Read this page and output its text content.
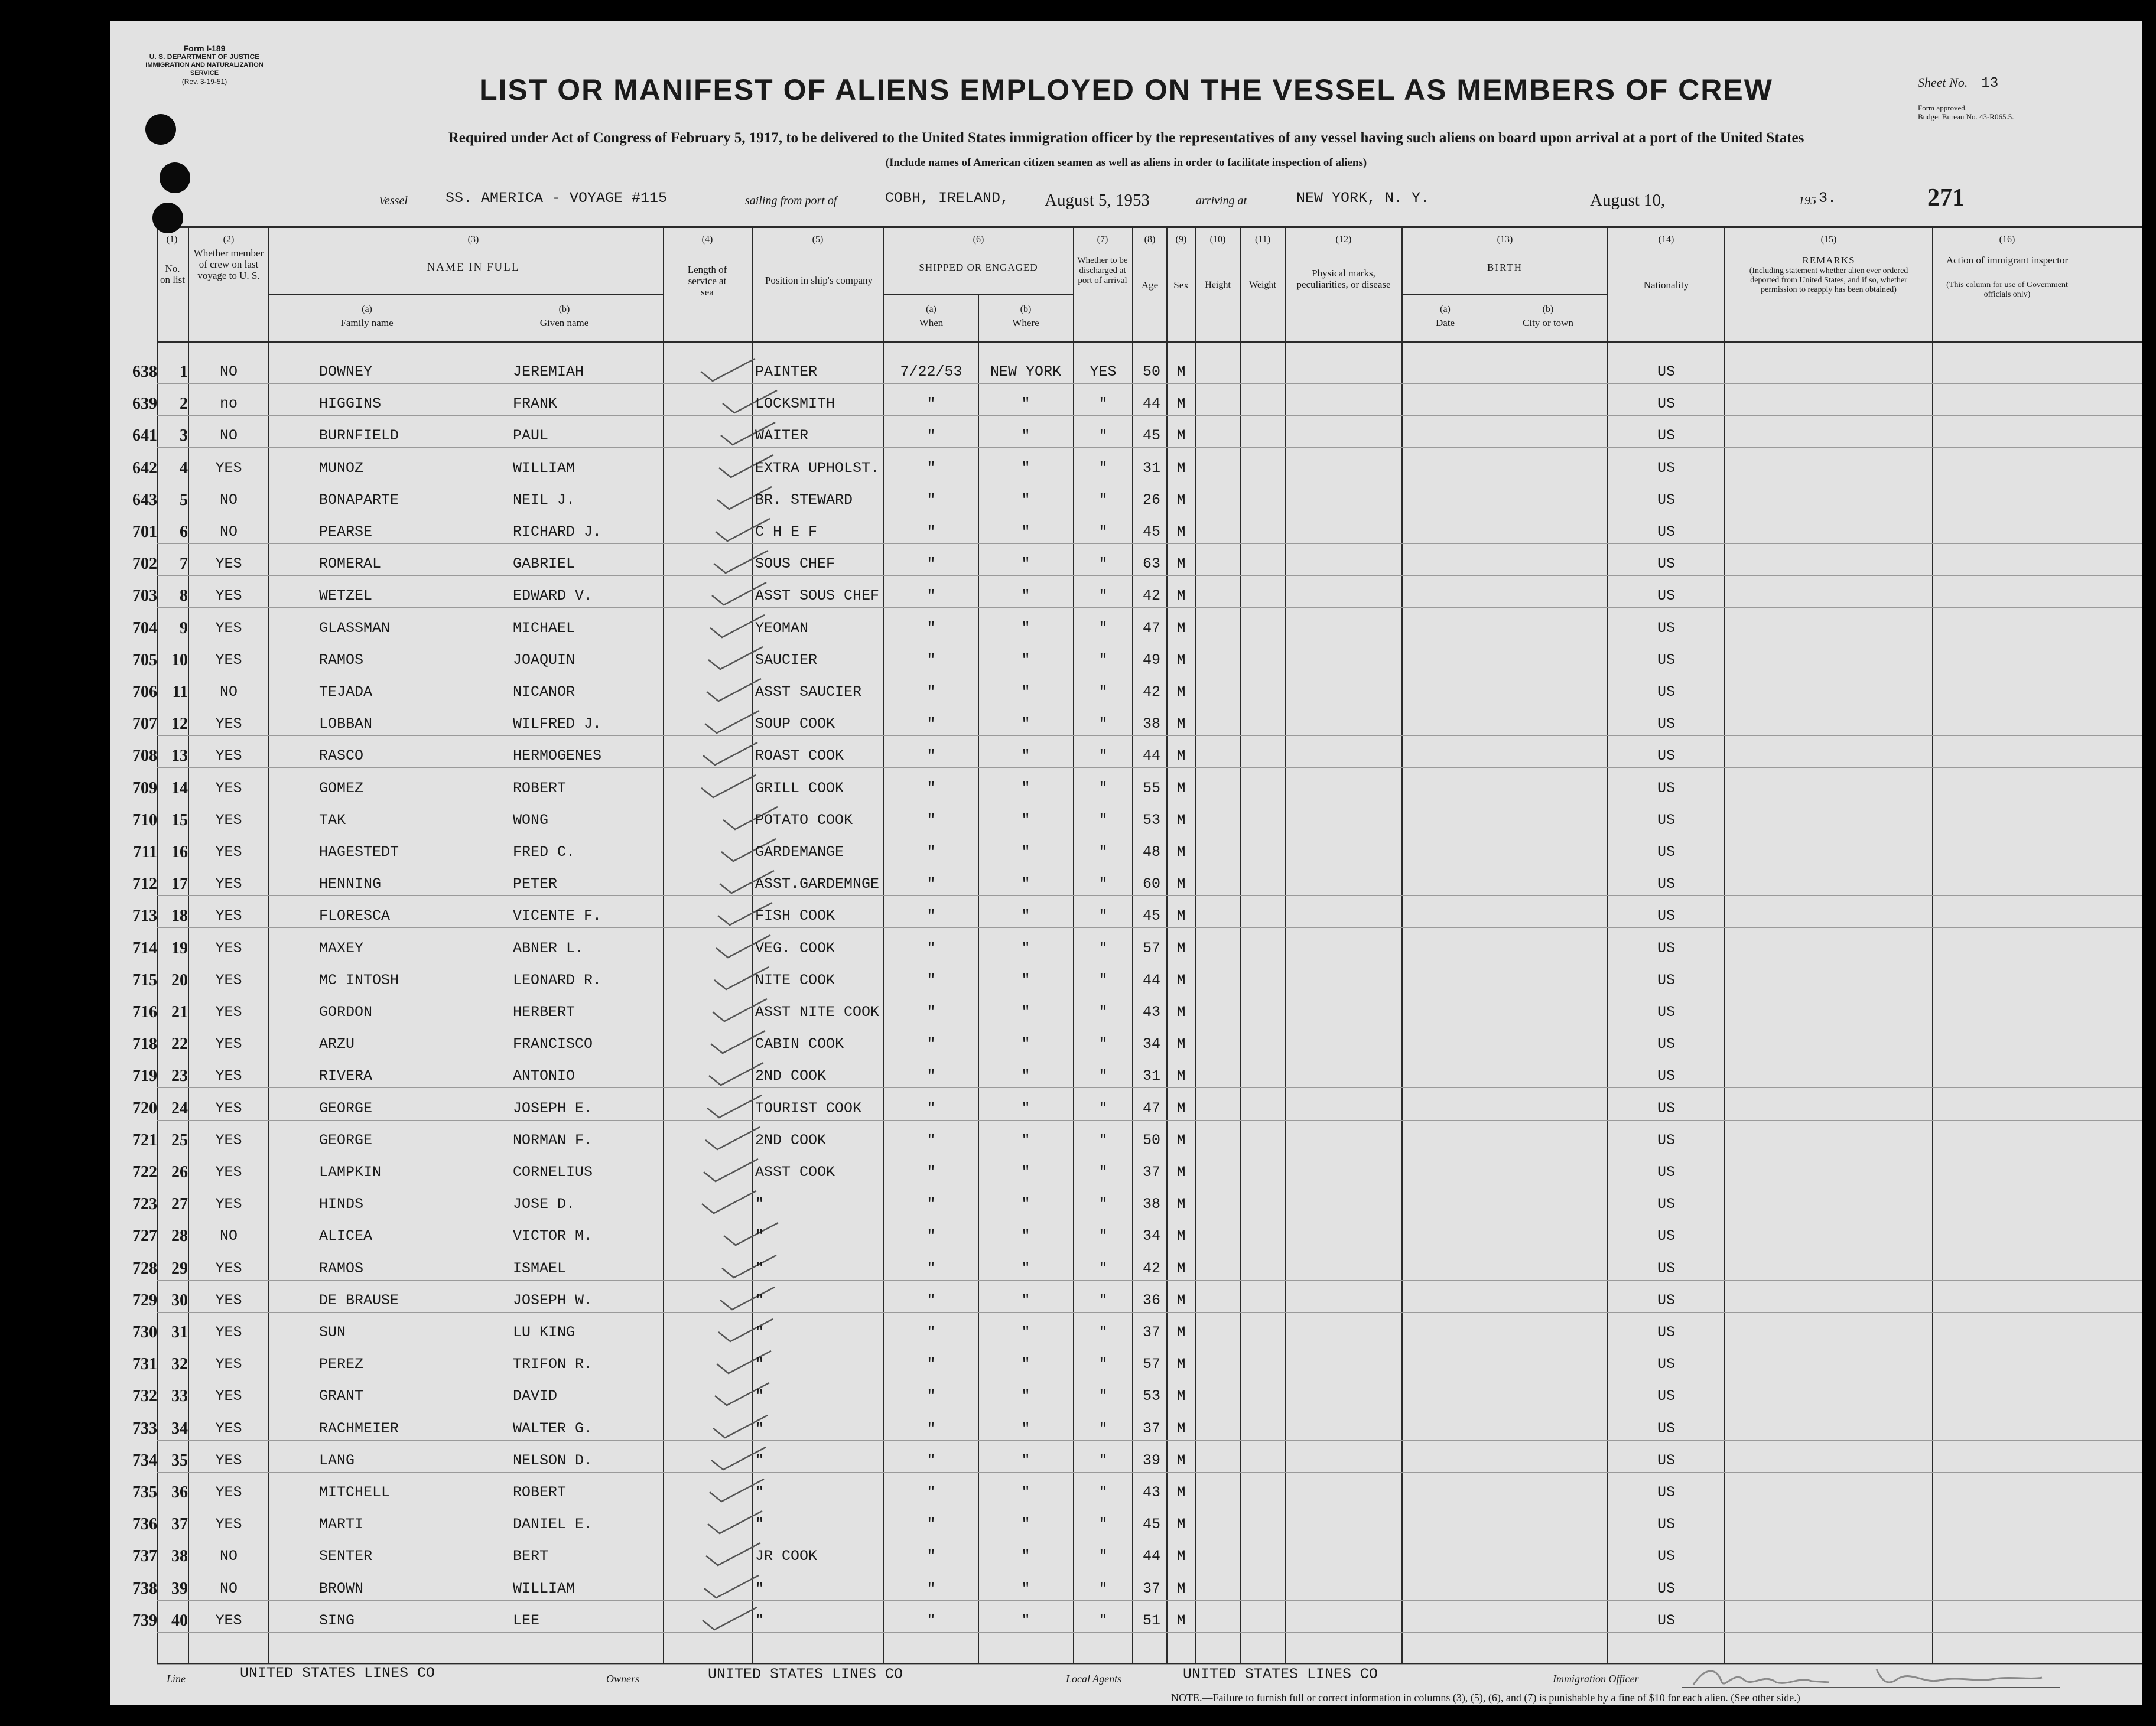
Form I-189
U. S. DEPARTMENT OF JUSTICE
IMMIGRATION AND NATURALIZATION SERVICE
(Rev. 3-19-51)	Sheet No. 13
Form approved.
Budget Bureau No. 43-R065.5.
LIST OR MANIFEST OF ALIENS EMPLOYED ON THE VESSEL AS MEMBERS OF CREW
Required under Act of Congress of February 5, 1917, to be delivered to the United States immigration officer by the representatives of any vessel having such aliens on board upon arrival at a port of the United States
(Include names of American citizen seamen as well as aliens in order to facilitate inspection of aliens)
Vessel	SS. AMERICA - VOYAGE #115	sailing from port of	COBH, IRELAND, August 5, 1953	arriving at	NEW YORK, N. Y.	August 10,	195 3.	271
(1)
No. on list
(2)
Whether member of crew on last voyage to U. S.
(3)
NAME IN FULL
(a)
Family name
(b)
Given name
(4)
Length of service at sea
(5)
Position in ship's company
(6)
SHIPPED OR ENGAGED
(a)
When
(b)
Where
(7)
Whether to be discharged at port of arrival
(8)
Age
(9)
Sex
(10)
Height
(11)
Weight
(12)
Physical marks, peculiarities, or disease
(13)
BIRTH
(a)
Date
(b)
City or town
(14)
Nationality
(15)
REMARKS
(Including statement whether alien ever ordered deported from United States, and if so, whether permission to reapply has been obtained)
(16)
Action of immigrant inspector
(This column for use of Government officials only)
638	1	NO	DOWNEY	JEREMIAH	PAINTER	7/22/53	NEW YORK	YES	50	M	US
639	2	no	HIGGINS	FRANK	LOCKSMITH	"	"	"	44	M	US
641	3	NO	BURNFIELD	PAUL	WAITER	"	"	"	45	M	US
642	4	YES	MUNOZ	WILLIAM	EXTRA UPHOLST.	"	"	"	31	M	US
643	5	NO	BONAPARTE	NEIL J.	BR. STEWARD	"	"	"	26	M	US
701	6	NO	PEARSE	RICHARD J.	C H E F	"	"	"	45	M	US
702	7	YES	ROMERAL	GABRIEL	SOUS CHEF	"	"	"	63	M	US
703	8	YES	WETZEL	EDWARD V.	ASST SOUS CHEF	"	"	"	42	M	US
704	9	YES	GLASSMAN	MICHAEL	YEOMAN	"	"	"	47	M	US
705 10	YES	RAMOS	JOAQUIN	SAUCIER	"	"	"	49	M	US
706 11	NO	TEJADA	NICANOR	ASST SAUCIER	"	"	"	42	M	US
707 12	YES	LOBBAN	WILFRED J.	SOUP COOK	"	"	"	38	M	US
708 13	YES	RASCO	HERMOGENES	ROAST COOK	"	"	"	44	M	US
709 14	YES	GOMEZ	ROBERT	GRILL COOK	"	"	"	55	M	US
710 15	YES	TAK	WONG	POTATO COOK	"	"	"	53	M	US
711 16	YES	HAGESTEDT	FRED C.	GARDEMANGE	"	"	"	48	M	US
712 17	YES	HENNING	PETER	ASST.GARDEMNGE	"	"	"	60	M	US
713 18	YES	FLORESCA	VICENTE F.	FISH COOK	"	"	"	45	M	US
714 19	YES	MAXEY	ABNER L.	VEG. COOK	"	"	"	57	M	US
715 20	YES	MC INTOSH	LEONARD R.	NITE COOK	"	"	"	44	M	US
716 21	YES	GORDON	HERBERT	ASST NITE COOK	"	"	"	43	M	US
718 22	YES	ARZU	FRANCISCO	CABIN COOK	"	"	"	34	M	US
719 23	YES	RIVERA	ANTONIO	2ND COOK	"	"	"	31	M	US
720 24	YES	GEORGE	JOSEPH E.	TOURIST COOK	"	"	"	47	M	US
721 25	YES	GEORGE	NORMAN F.	2ND COOK	"	"	"	50	M	US
722 26	YES	LAMPKIN	CORNELIUS	ASST COOK	"	"	"	37	M	US
723 27	YES	HINDS	JOSE D.	"	"	"	"	38	M	US
727 28	NO	ALICEA	VICTOR M.	"	"	"	"	34	M	US
728 29	YES	RAMOS	ISMAEL	"	"	"	"	42	M	US
729 30	YES	DE BRAUSE	JOSEPH W.	"	"	"	"	36	M	US
730 31	YES	SUN	LU KING	"	"	"	"	37	M	US
731 32	YES	PEREZ	TRIFON R.	"	"	"	"	57	M	US
732 33	YES	GRANT	DAVID	"	"	"	"	53	M	US
733 34	YES	RACHMEIER	WALTER G.	"	"	"	"	37	M	US
734 35	YES	LANG	NELSON D.	"	"	"	"	39	M	US
735 36	YES	MITCHELL	ROBERT	"	"	"	"	43	M	US
736 37	YES	MARTI	DANIEL E.	"	"	"	"	45	M	US
737 38	NO	SENTER	BERT	JR COOK	"	"	"	44	M	US
738 39	NO	BROWN	WILLIAM	"	"	"	"	37	M	US
739 40	YES	SING	LEE	"	"	"	"	51	M	US
Line	UNITED STATES LINES CO	Owners	UNITED STATES LINES CO	Local Agents	UNITED STATES LINES CO	Immigration Officer
NOTE.—Failure to furnish full or correct information in columns (3), (5), (6), and (7) is punishable by a fine of $10 for each alien. (See other side.)
